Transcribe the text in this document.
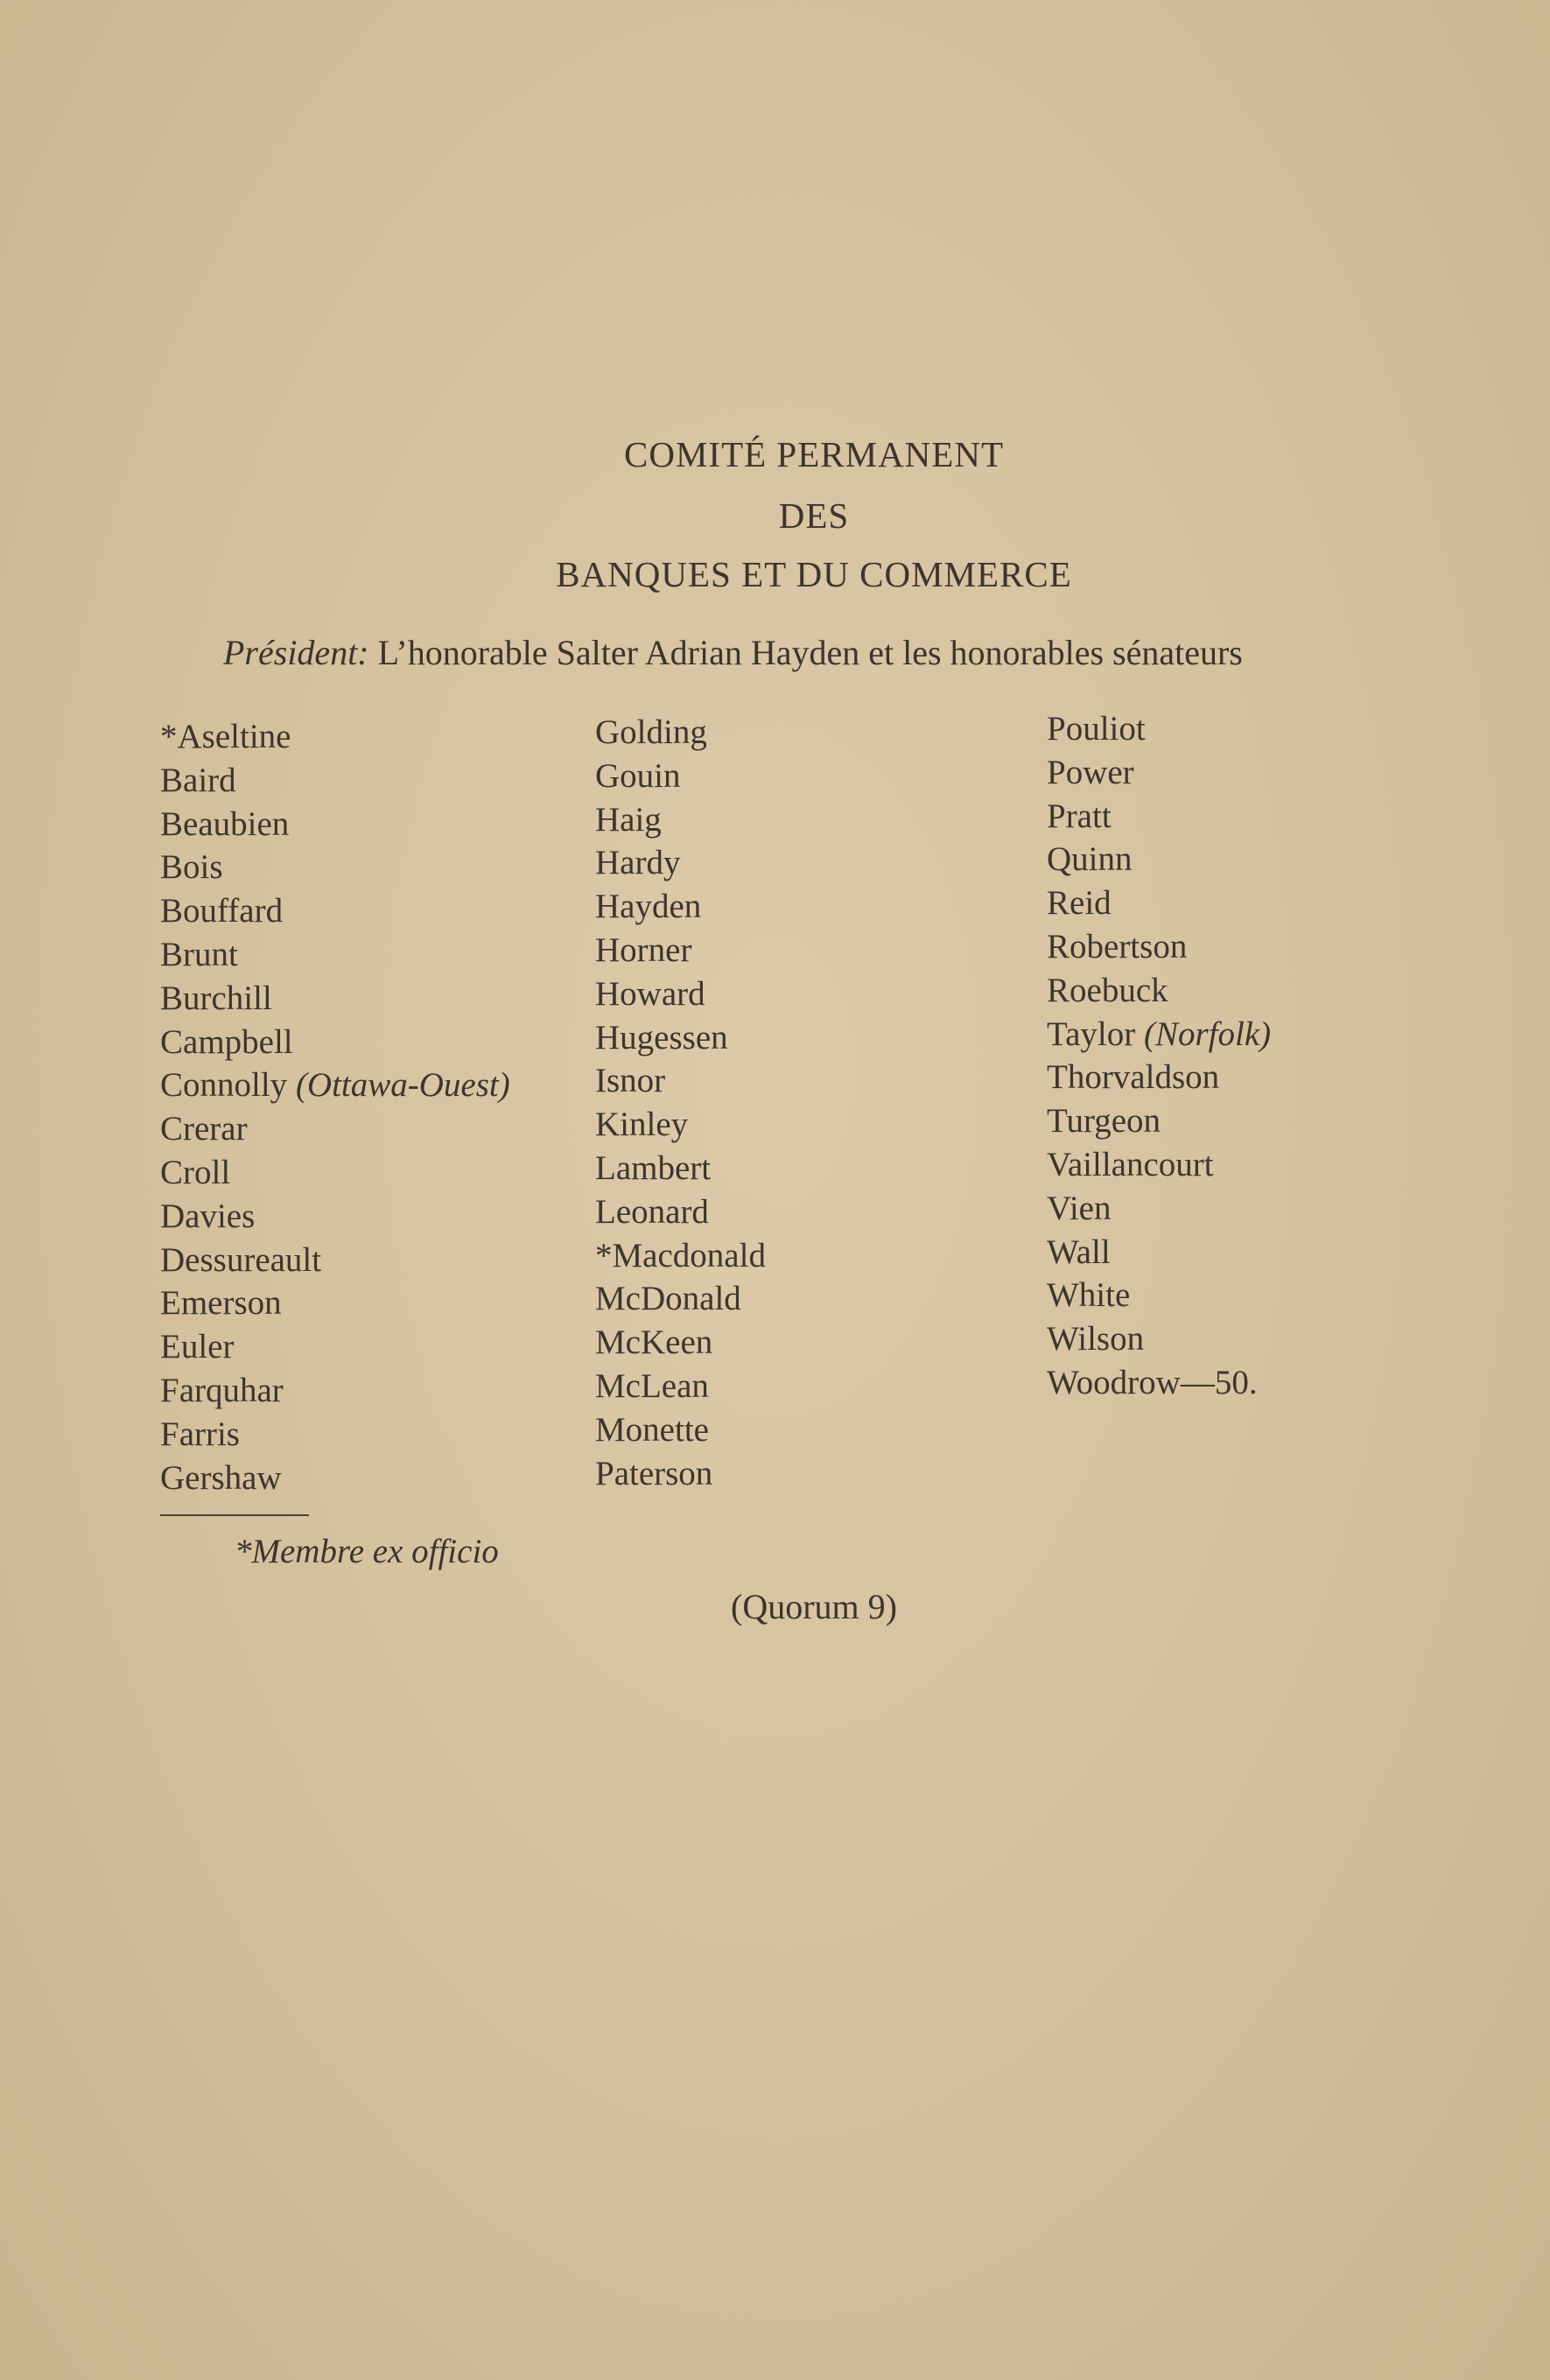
COMITÉ PERMANENT
DES
BANQUES ET DU COMMERCE
Président: L’honorable Salter Adrian Hayden et les honorables sénateurs
*Aseltine
Baird
Beaubien
Bois
Bouffard
Brunt
Burchill
Campbell
Connolly (Ottawa-Ouest)
Crerar
Croll
Davies
Dessureault
Emerson
Euler
Farquhar
Farris
Gershaw
Golding
Gouin
Haig
Hardy
Hayden
Horner
Howard
Hugessen
Isnor
Kinley
Lambert
Leonard
*Macdonald
McDonald
McKeen
McLean
Monette
Paterson
Pouliot
Power
Pratt
Quinn
Reid
Robertson
Roebuck
Taylor (Norfolk)
Thorvaldson
Turgeon
Vaillancourt
Vien
Wall
White
Wilson
Woodrow—50.
*Membre ex officio
(Quorum 9)
